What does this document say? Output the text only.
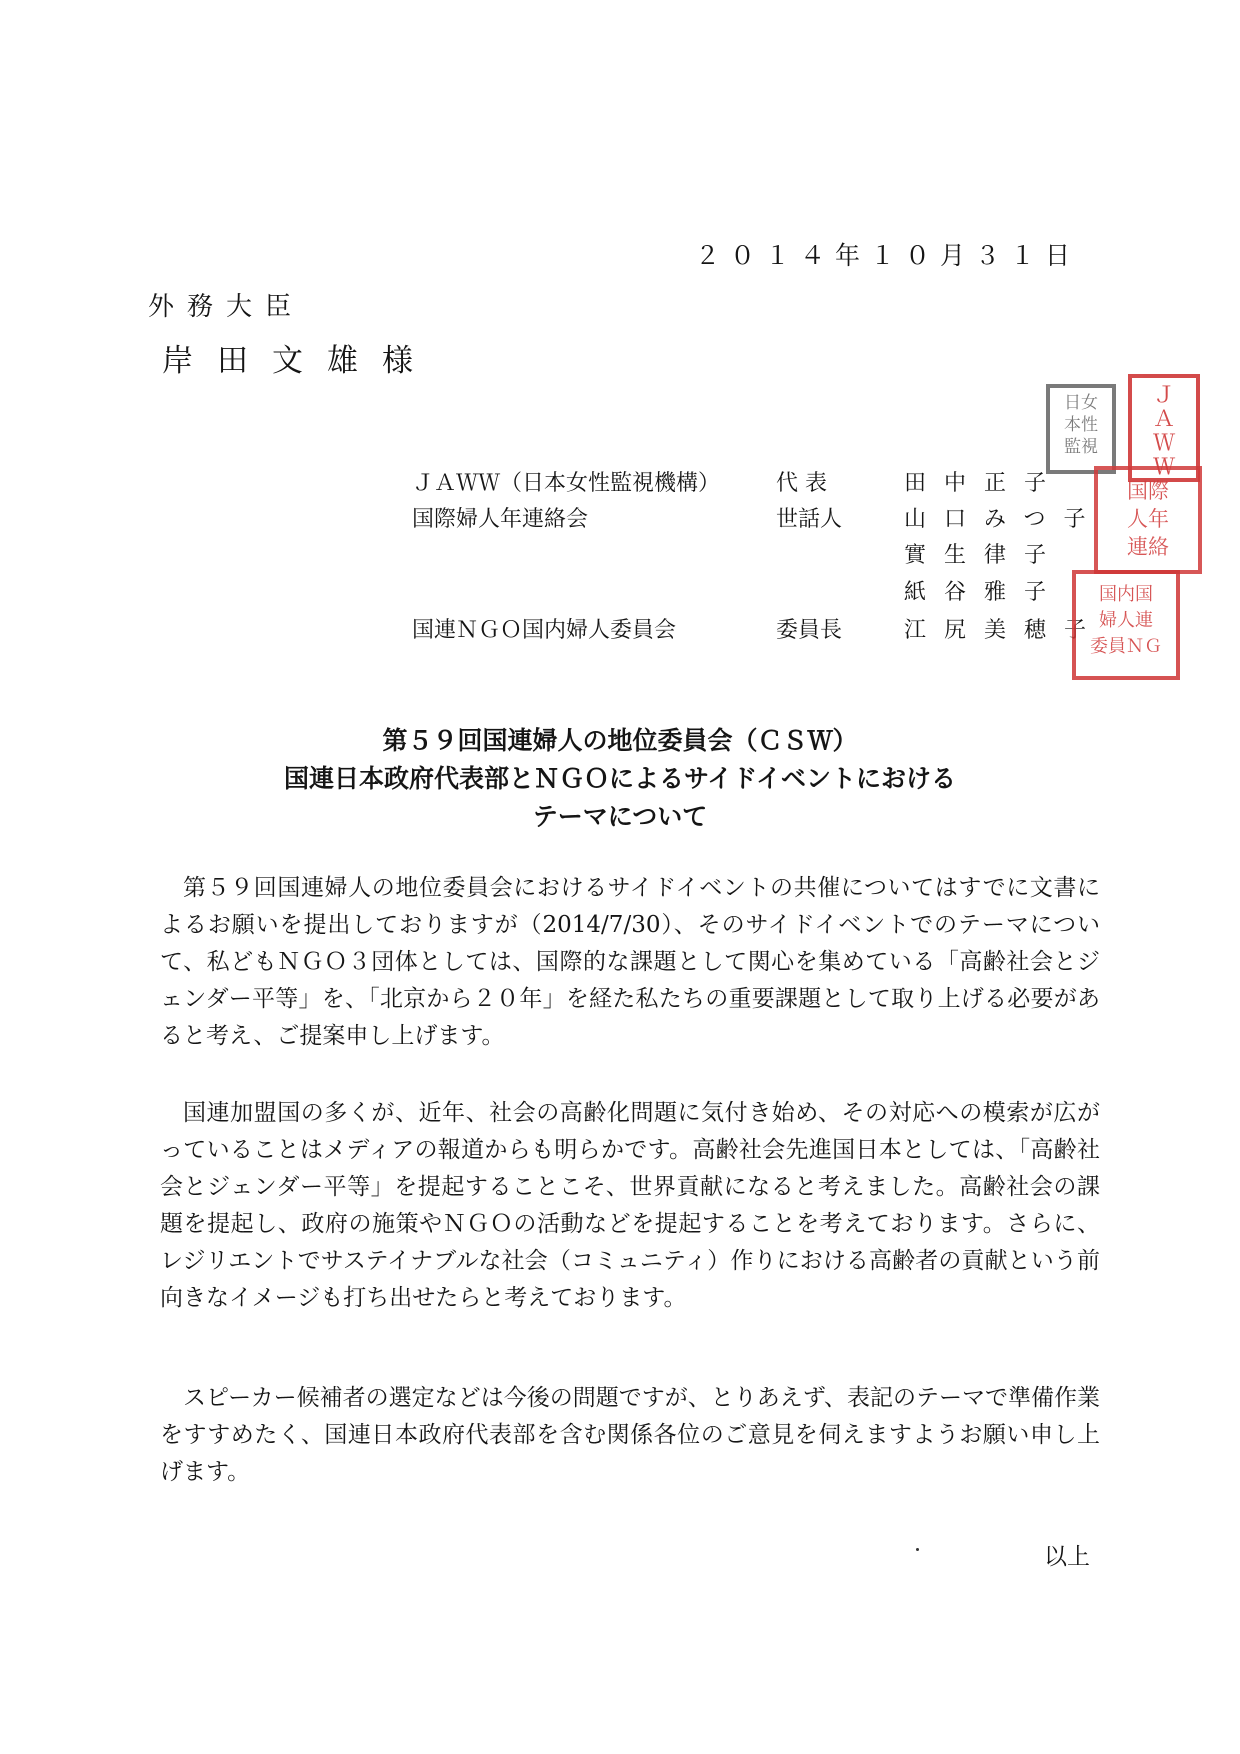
２０１４年１０月３１日

外務大臣

岸田文雄様

ＪＡＷＷ（日本女性監視機構）	代 表	田中正子
国際婦人年連絡会	世話人	山口みつ子
實生律子
紙谷雅子
国連ＮＧＯ国内婦人委員会	委員長	江尻美穂子
日女
本性
監視
Ｊ
Ａ
Ｗ
Ｗ
国際
人年
連絡
国内国
婦人連
委員ＮＧ
第５９回国連婦人の地位委員会（ＣＳＷ）
国連日本政府代表部とＮＧＯによるサイドイベントにおける
テーマについて

第５９回国連婦人の地位委員会におけるサイドイベントの共催についてはすでに文書によるお願いを提出しておりますが（2014/7/30）、そのサイドイベントでのテーマについて、私どもＮＧＯ３団体としては、国際的な課題として関心を集めている「高齢社会とジェンダー平等」を、「北京から２０年」を経た私たちの重要課題として取り上げる必要があると考え、ご提案申し上げます。

国連加盟国の多くが、近年、社会の高齢化問題に気付き始め、その対応への模索が広がっていることはメディアの報道からも明らかです。高齢社会先進国日本としては、「高齢社会とジェンダー平等」を提起することこそ、世界貢献になると考えました。高齢社会の課題を提起し、政府の施策やＮＧＯの活動などを提起することを考えております。さらに、レジリエントでサステイナブルな社会（コミュニティ）作りにおける高齢者の貢献という前向きなイメージも打ち出せたらと考えております。

スピーカー候補者の選定などは今後の問題ですが、とりあえず、表記のテーマで準備作業をすすめたく、国連日本政府代表部を含む関係各位のご意見を伺えますようお願い申し上げます。

以上
